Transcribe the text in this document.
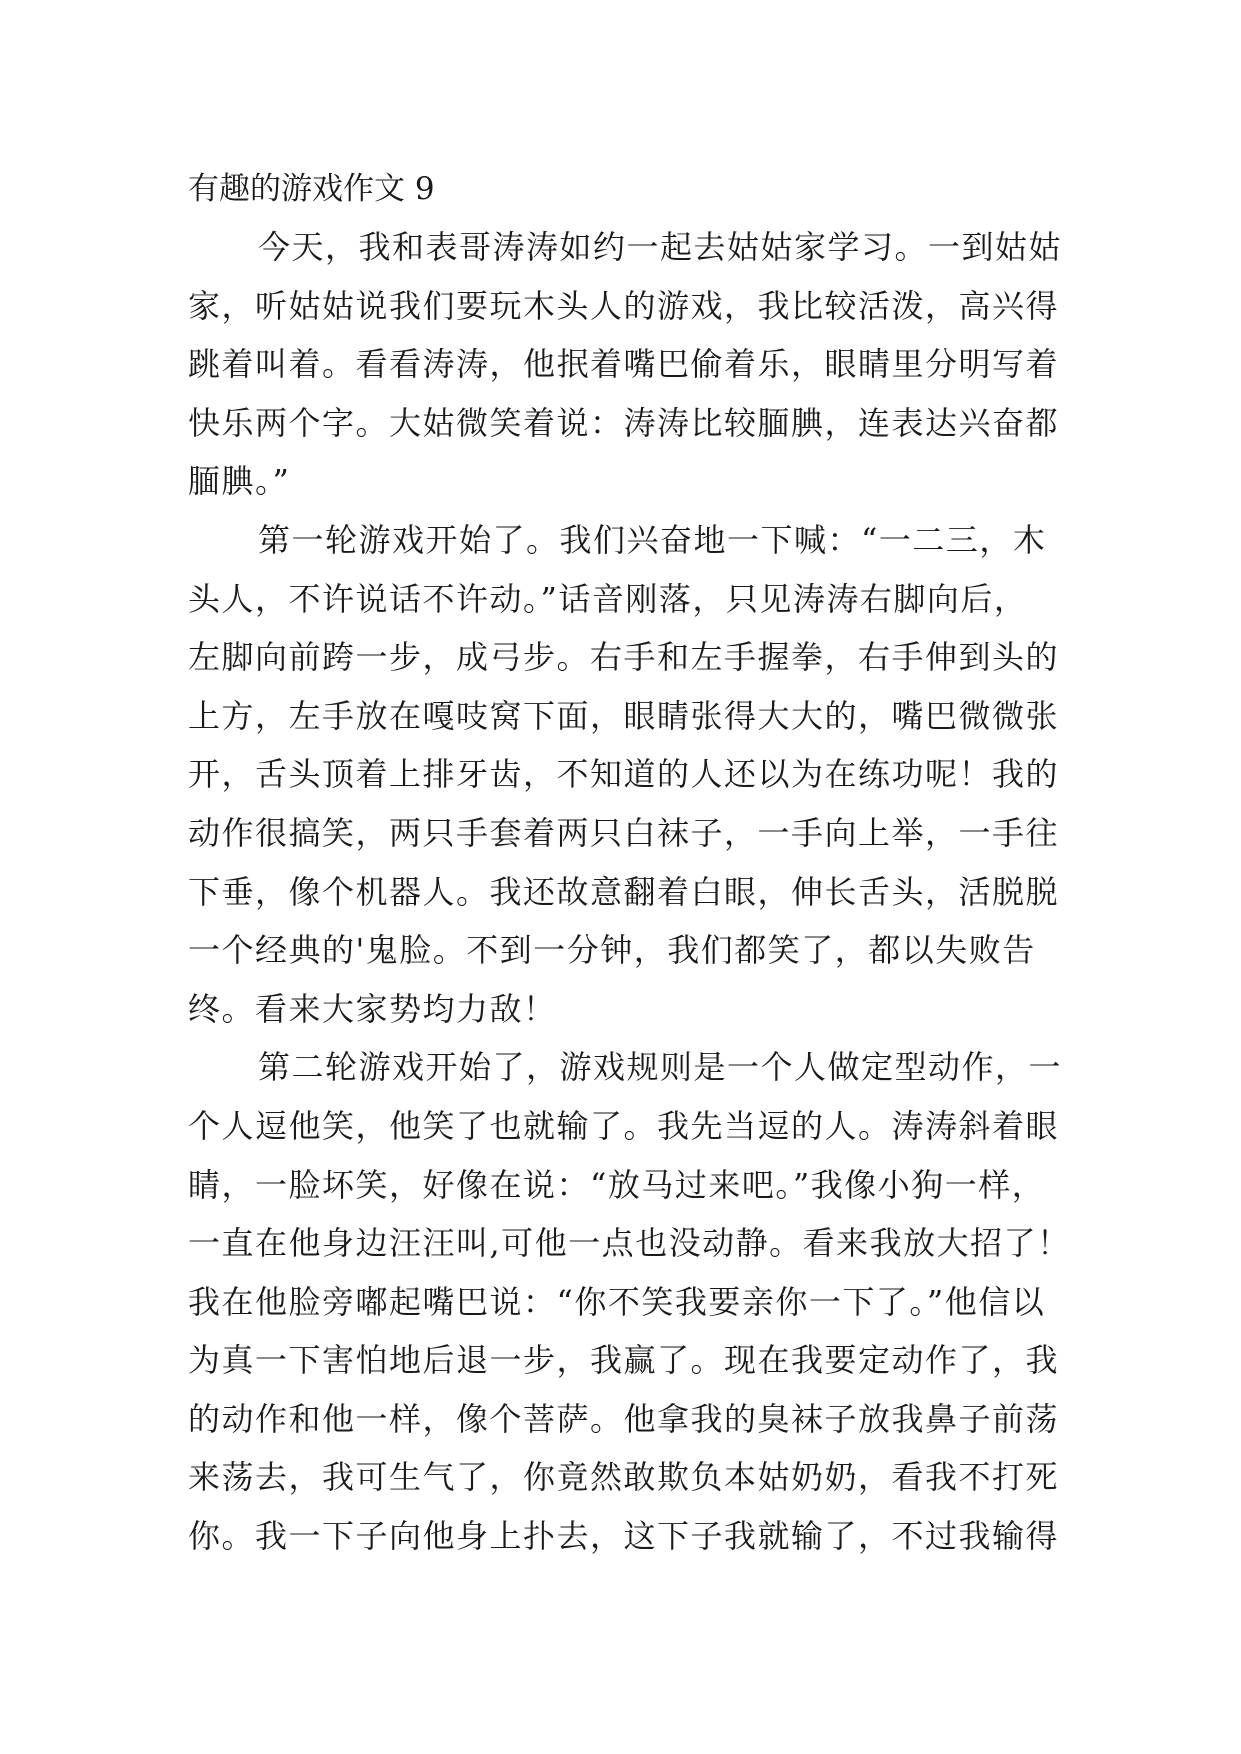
有趣的游戏作文 9
今天，我和表哥涛涛如约一起去姑姑家学习。一到姑姑
家，听姑姑说我们要玩木头人的游戏，我比较活泼，高兴得
跳着叫着。看看涛涛，他抿着嘴巴偷着乐，眼睛里分明写着
快乐两个字。大姑微笑着说：涛涛比较腼腆，连表达兴奋都
腼腆。”
第一轮游戏开始了。我们兴奋地一下喊：“一二三，木
头人，不许说话不许动。”话音刚落，只见涛涛右脚向后，
左脚向前跨一步，成弓步。右手和左手握拳，右手伸到头的
上方，左手放在嘎吱窝下面，眼睛张得大大的，嘴巴微微张
开，舌头顶着上排牙齿，不知道的人还以为在练功呢！我的
动作很搞笑，两只手套着两只白袜子，一手向上举，一手往
下垂，像个机器人。我还故意翻着白眼，伸长舌头，活脱脱
一个经典的'鬼脸。不到一分钟，我们都笑了，都以失败告
终。看来大家势均力敌！
第二轮游戏开始了，游戏规则是一个人做定型动作，一
个人逗他笑，他笑了也就输了。我先当逗的人。涛涛斜着眼
睛，一脸坏笑，好像在说：“放马过来吧。”我像小狗一样，
一直在他身边汪汪叫,可他一点也没动静。看来我放大招了！
我在他脸旁嘟起嘴巴说：“你不笑我要亲你一下了。”他信以
为真一下害怕地后退一步，我赢了。现在我要定动作了，我
的动作和他一样，像个菩萨。他拿我的臭袜子放我鼻子前荡
来荡去，我可生气了，你竟然敢欺负本姑奶奶，看我不打死
你。我一下子向他身上扑去，这下子我就输了，不过我输得
